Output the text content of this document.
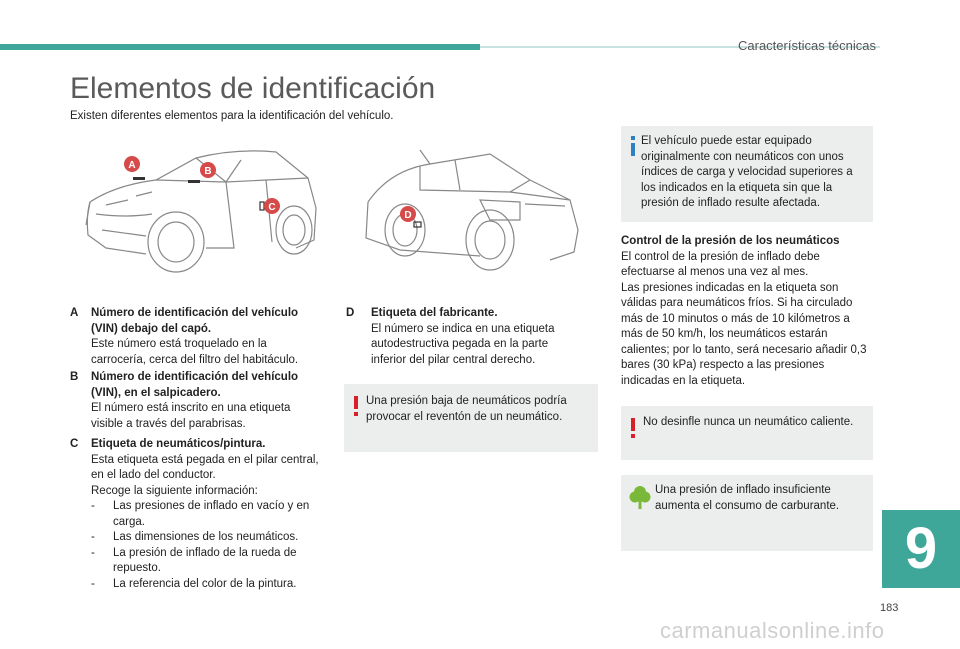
Características técnicas
Elementos de identificación
Existen diferentes elementos para la identificación del vehículo.
A
B
C
D
A Número de identificación del vehículo
(VIN) debajo del capó.
Este número está troquelado en la carrocería, cerca del filtro del habitáculo.
B Número de identificación del vehículo
(VIN), en el salpicadero.
El número está inscrito en una etiqueta visible a través del parabrisas.
C Etiqueta de neumáticos/pintura.
Esta etiqueta está pegada en el pilar central, en el lado del conductor.
Recoge la siguiente información:
- Las presiones de inflado en vacío y en carga.
- Las dimensiones de los neumáticos.
- La presión de inflado de la rueda de repuesto.
- La referencia del color de la pintura.
D Etiqueta del fabricante.
El número se indica en una etiqueta autodestructiva pegada en la parte inferior del pilar central derecho.
Una presión baja de neumáticos podría provocar el reventón de un neumático.
El vehículo puede estar equipado originalmente con neumáticos con unos índices de carga y velocidad superiores a los indicados en la etiqueta sin que la presión de inflado resulte afectada.
Control de la presión de los neumáticos
El control de la presión de inflado debe efectuarse al menos una vez al mes.
Las presiones indicadas en la etiqueta son válidas para neumáticos fríos. Si ha circulado más de 10 minutos o más de 10 kilómetros a más de 50 km/h, los neumáticos estarán calientes; por lo tanto, será necesario añadir 0,3 bares (30 kPa) respecto a las presiones indicadas en la etiqueta.
No desinfle nunca un neumático caliente.
Una presión de inflado insuficiente aumenta el consumo de carburante.
9
183
carmanualsonline.info
